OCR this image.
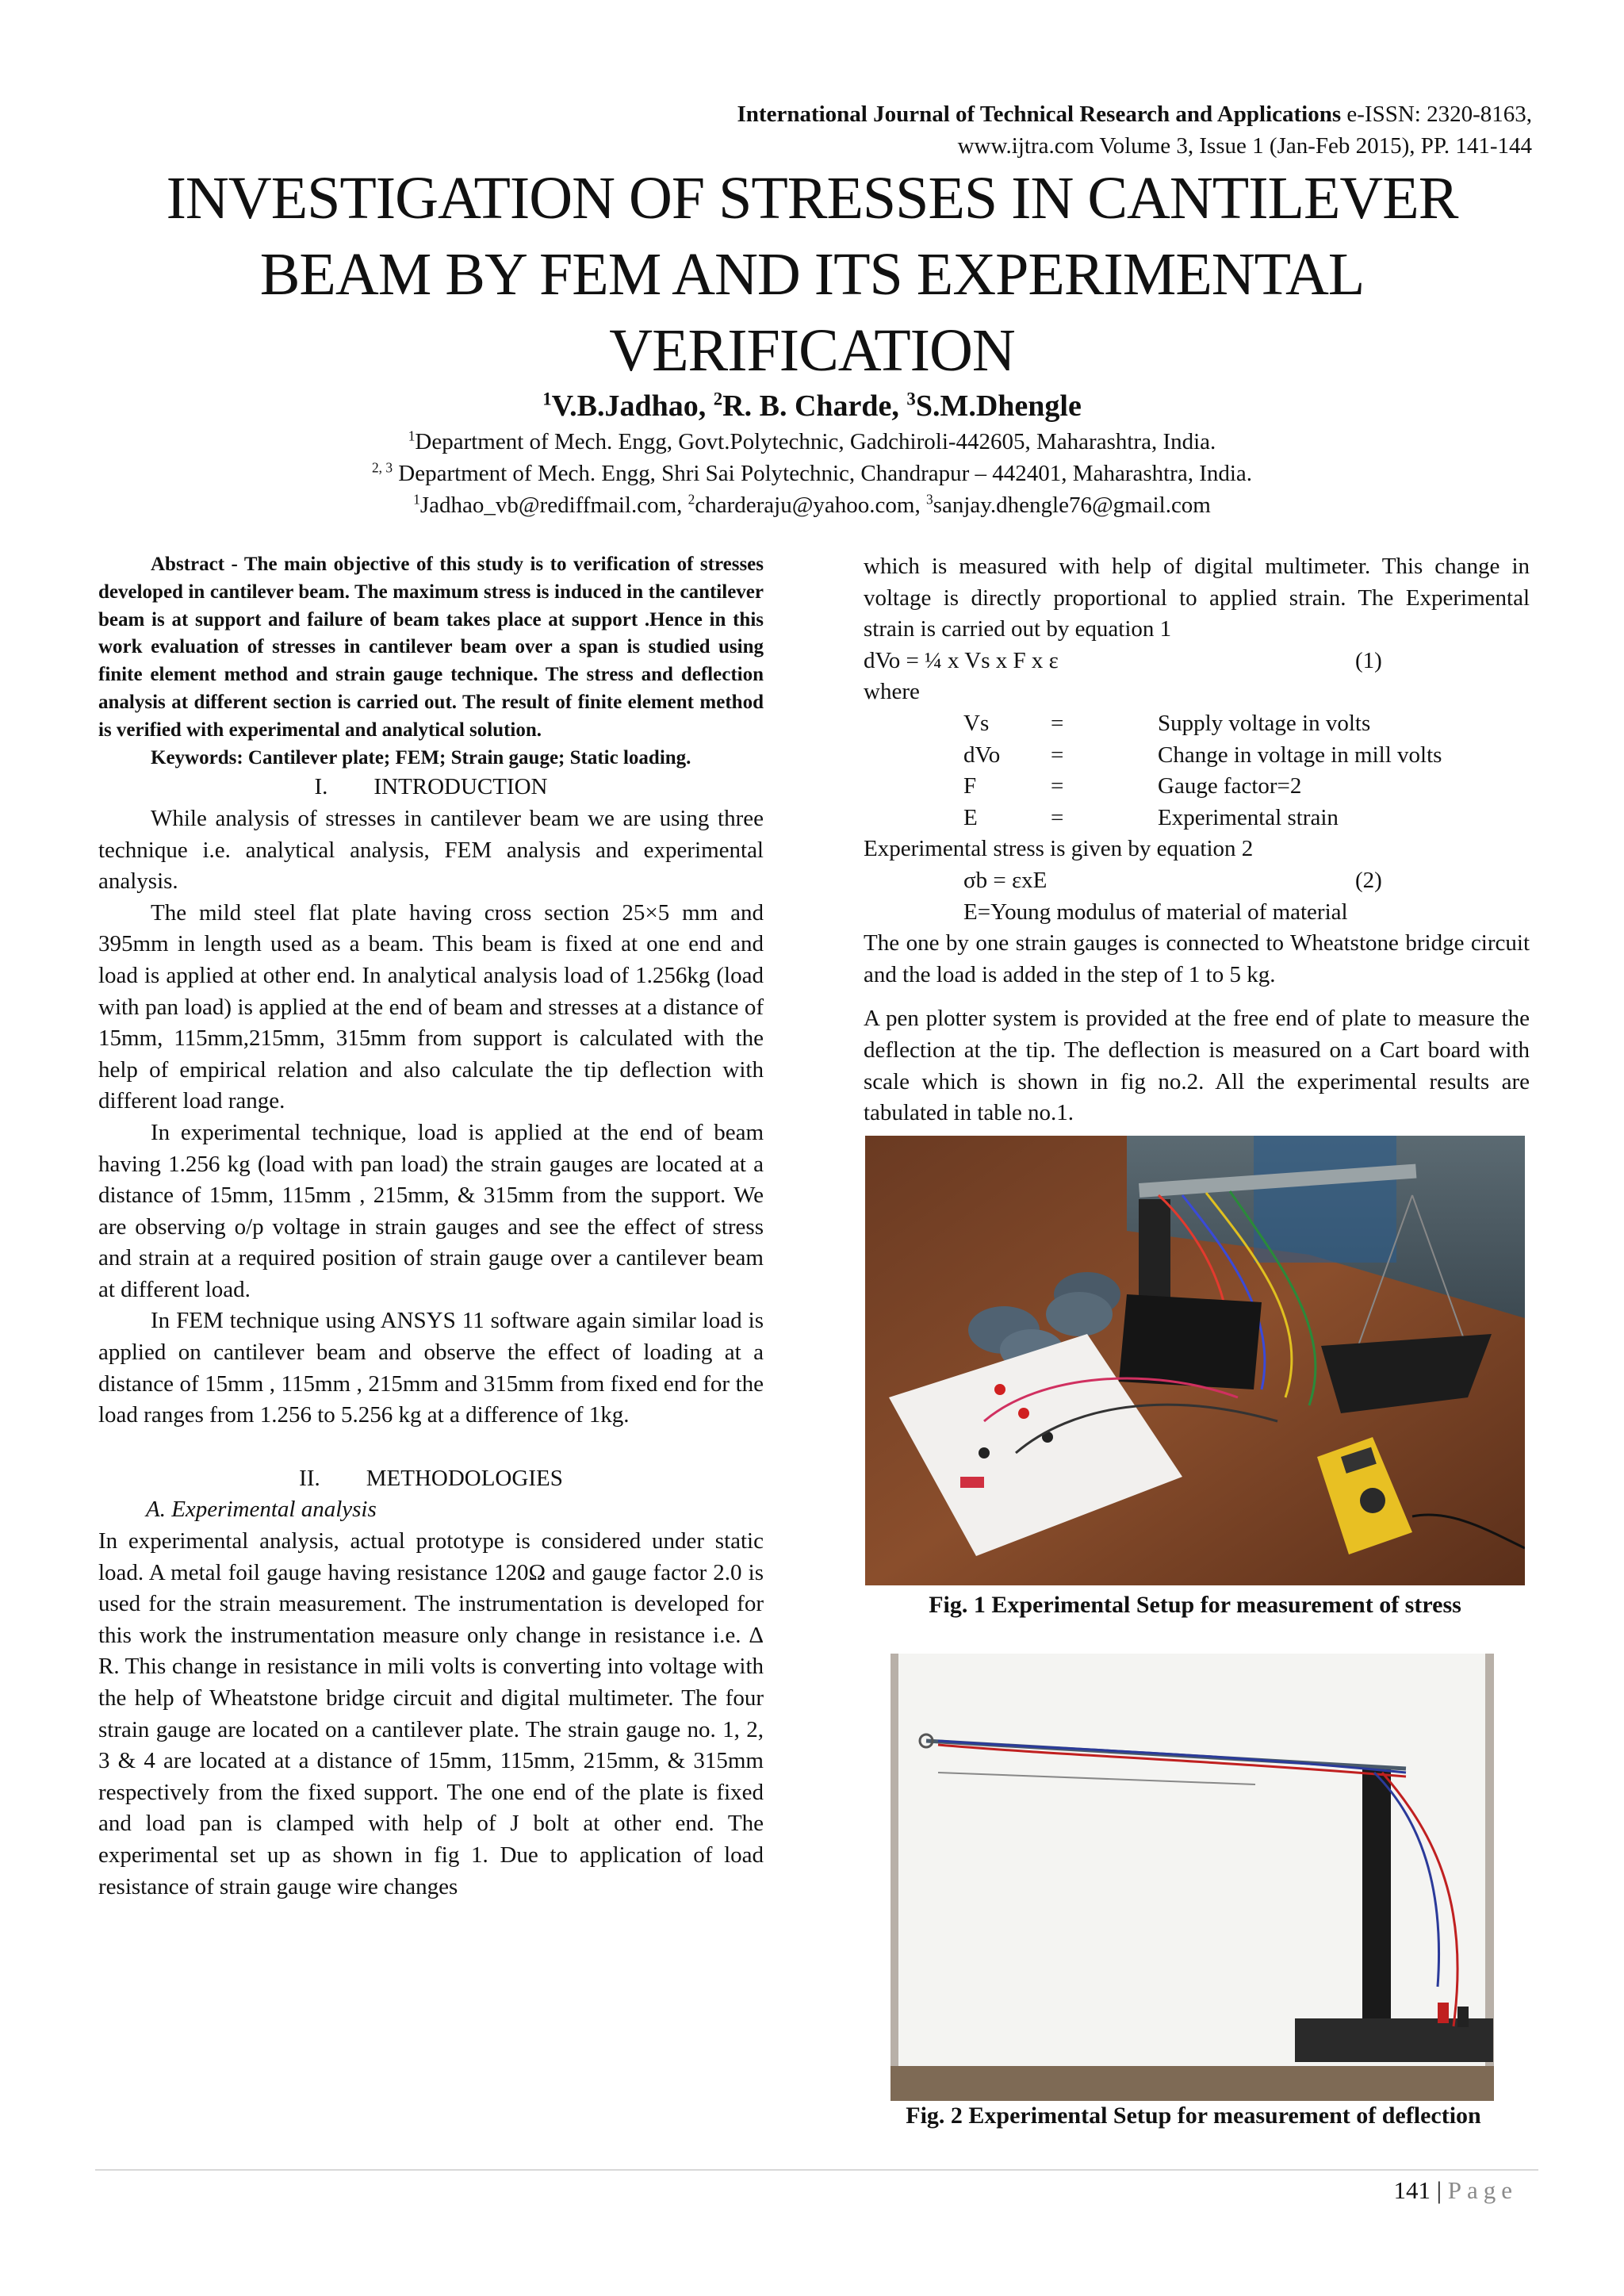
International Journal of Technical Research and Applications e-ISSN: 2320-8163,
www.ijtra.com Volume 3, Issue 1 (Jan-Feb 2015), PP. 141-144
INVESTIGATION OF STRESSES IN CANTILEVER BEAM BY FEM AND ITS EXPERIMENTAL VERIFICATION
$^1$V.B.Jadhao, $^2$R. B. Charde, $^3$S.M.Dhengle
$^1$Department of Mech. Engg, Govt.Polytechnic, Gadchiroli-442605, Maharashtra, India.
$^{2, 3}$ Department of Mech. Engg, Shri Sai Polytechnic, Chandrapur – 442401, Maharashtra, India.
$^1$Jadhao_vb@rediffmail.com, $^2$charderaju@yahoo.com, $^3$sanjay.dhengle76@gmail.com

Abstract - The main objective of this study is to verification of stresses developed in cantilever beam. The maximum stress is induced in the cantilever beam is at support and failure of beam takes place at support .Hence in this work evaluation of stresses in cantilever beam over a span is studied using finite element method and strain gauge technique. The stress and deflection analysis at different section is carried out. The result of finite element method is verified with experimental and analytical solution.

Keywords: Cantilever plate; FEM; Strain gauge; Static loading.

I.        INTRODUCTION

While analysis of stresses in cantilever beam we are using three technique i.e. analytical analysis, FEM analysis and experimental analysis.

The mild steel flat plate having cross section 25×5 mm and 395mm in length used as a beam. This beam is fixed at one end and load is applied at other end. In analytical analysis load of 1.256kg (load with pan load) is applied at the end of beam and stresses at a distance of 15mm, 115mm,215mm, 315mm from support is calculated with the help of empirical relation and also calculate the tip deflection with different load range.

In experimental technique, load is applied at the end of beam having 1.256 kg (load with pan load) the strain gauges are located at a distance of 15mm, 115mm , 215mm, & 315mm from the support. We are observing o/p voltage in strain gauges and see the effect of stress and strain at a required position of strain gauge over a cantilever beam at different load.

In FEM technique using ANSYS 11 software again similar load is applied on cantilever beam and observe the effect of loading at a distance of 15mm , 115mm , 215mm and 315mm from fixed end for the load ranges from 1.256 to 5.256 kg at a difference of 1kg.

II.        METHODOLOGIES

A. Experimental analysis

In experimental analysis, actual prototype is considered under static load. A metal foil gauge having resistance 120Ω and gauge factor 2.0 is used for the strain measurement. The instrumentation is developed for this work the instrumentation measure only change in resistance i.e. Δ R. This change in resistance in mili volts is converting into voltage with the help of Wheatstone bridge circuit and digital multimeter. The four strain gauge are located on a cantilever plate. The strain gauge no. 1, 2, 3 & 4 are located at a distance of 15mm, 115mm, 215mm, & 315mm respectively from the fixed support. The one end of the plate is fixed and load pan is clamped with help of J bolt at other end. The experimental set up as shown in fig 1. Due to application of load resistance of strain gauge wire changes

which is measured with help of digital multimeter. This change in voltage is directly proportional to applied strain. The Experimental strain is carried out by equation 1

dVo = ¼ x Vs x F x ε	(1)

where

Vs	=	Supply voltage in volts
dVo	=	Change in voltage in mill volts
F	=	Gauge factor=2
E	=	Experimental strain

Experimental stress is given by equation 2

σb = εxE	(2)

E=Young modulus of material of material

The one by one strain gauges is connected to Wheatstone bridge circuit and the load is added in the step of 1 to 5 kg.

A pen plotter system is provided at the free end of plate to measure the deflection at the tip. The deflection is measured on a Cart board with scale which is shown in fig no.2. All the experimental results are tabulated in table no.1.

Fig. 1 Experimental Setup for measurement of stress
Fig. 2 Experimental Setup for measurement of deflection
141 | Page
